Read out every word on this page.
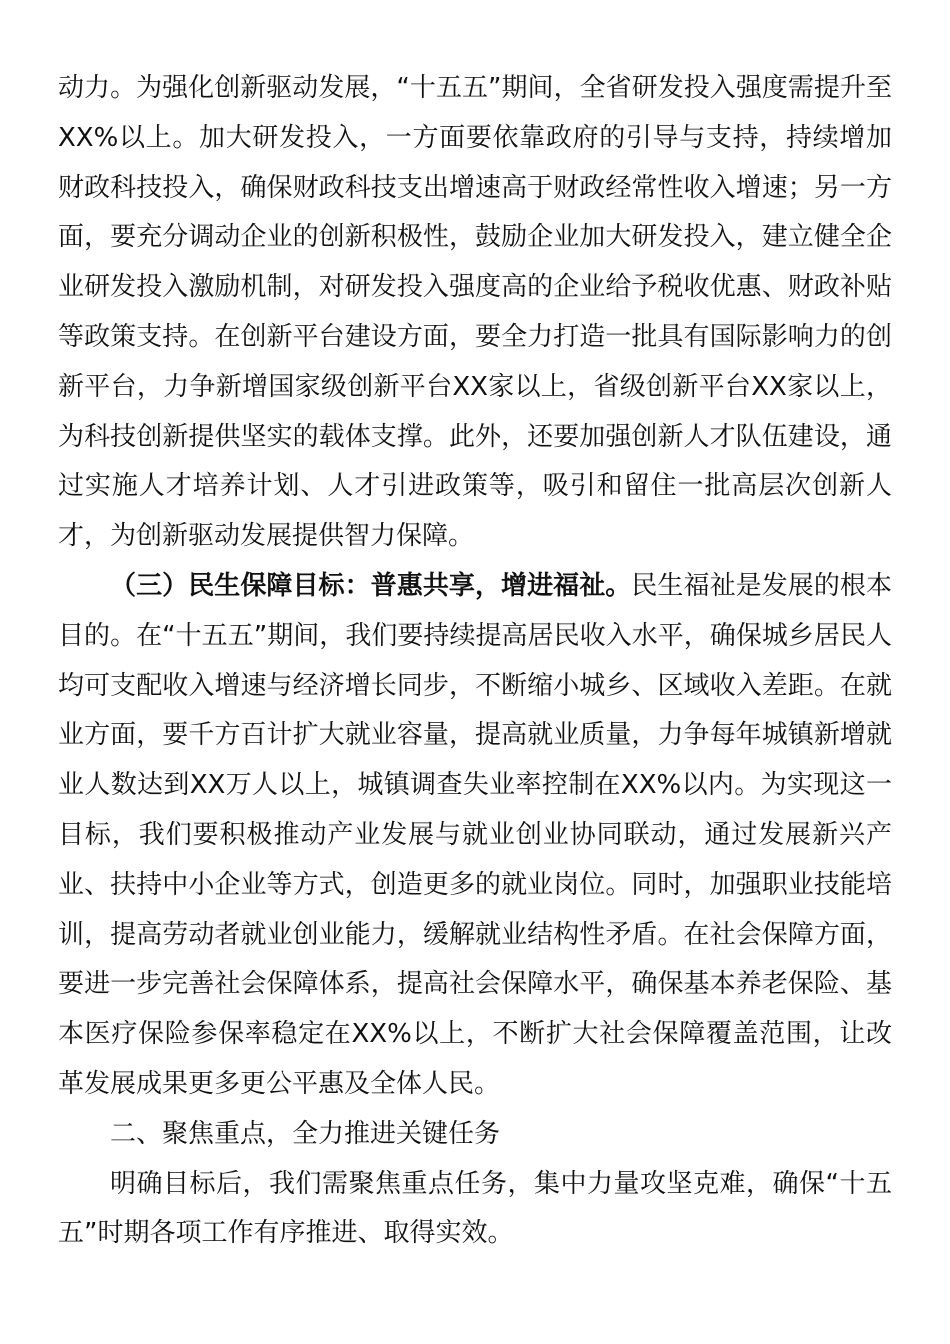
动力。为强化创新驱动发展，“十五五”期间，全省研发投入强度需提升至XX%以上。加大研发投入，一方面要依靠政府的引导与支持，持续增加财政科技投入，确保财政科技支出增速高于财政经常性收入增速；另一方面，要充分调动企业的创新积极性，鼓励企业加大研发投入，建立健全企业研发投入激励机制，对研发投入强度高的企业给予税收优惠、财政补贴等政策支持。在创新平台建设方面，要全力打造一批具有国际影响力的创新平台，力争新增国家级创新平台XX家以上，省级创新平台XX家以上，为科技创新提供坚实的载体支撑。此外，还要加强创新人才队伍建设，通过实施人才培养计划、人才引进政策等，吸引和留住一批高层次创新人才，为创新驱动发展提供智力保障。

（三）民生保障目标：普惠共享，增进福祉。民生福祉是发展的根本目的。在“十五五”期间，我们要持续提高居民收入水平，确保城乡居民人均可支配收入增速与经济增长同步，不断缩小城乡、区域收入差距。在就业方面，要千方百计扩大就业容量，提高就业质量，力争每年城镇新增就业人数达到XX万人以上，城镇调查失业率控制在XX%以内。为实现这一目标，我们要积极推动产业发展与就业创业协同联动，通过发展新兴产业、扶持中小企业等方式，创造更多的就业岗位。同时，加强职业技能培训，提高劳动者就业创业能力，缓解就业结构性矛盾。在社会保障方面，要进一步完善社会保障体系，提高社会保障水平，确保基本养老保险、基本医疗保险参保率稳定在XX%以上，不断扩大社会保障覆盖范围，让改革发展成果更多更公平惠及全体人民。

二、聚焦重点，全力推进关键任务

明确目标后，我们需聚焦重点任务，集中力量攻坚克难，确保“十五五”时期各项工作有序推进、取得实效。
